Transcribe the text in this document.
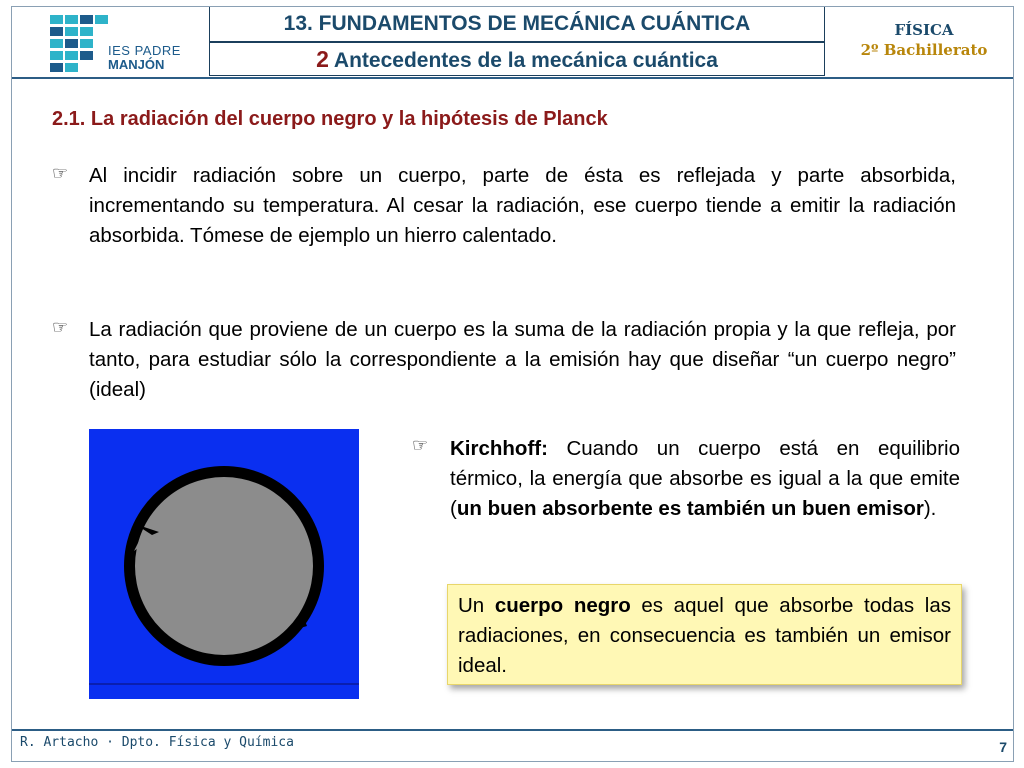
IES PADRE
MANJÓN
13. FUNDAMENTOS DE MECÁNICA CUÁNTICA
2 Antecedentes de la mecánica cuántica
FÍSICA
2º Bachillerato
R. Artacho · Dpto. Física y Química	7
2.1. La radiación del cuerpo negro y la hipótesis de Planck
☞ Al incidir radiación sobre un cuerpo, parte de ésta es reflejada y parte absorbida, incrementando su temperatura. Al cesar la radiación, ese cuerpo tiende a emitir la radiación absorbida. Tómese de ejemplo un hierro calentado.
☞ La radiación que proviene de un cuerpo es la suma de la radiación propia y la que refleja, por tanto, para estudiar sólo la correspondiente a la emisión hay que diseñar “un cuerpo negro” (ideal)
☞ Kirchhoff: Cuando un cuerpo está en equilibrio térmico, la energía que absorbe es igual a la que emite (un buen absorbente es también un buen emisor).
Un cuerpo negro es aquel que absorbe todas las radiaciones, en consecuencia es también un emisor ideal.
